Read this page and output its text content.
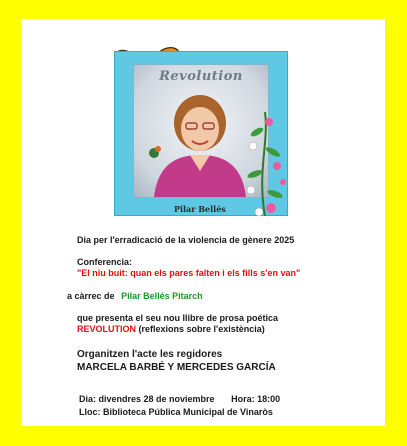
Revolution
Pilar Bellés
Dia per l'erradicació de la violencia de gènere 2025
Conferencia:
"El niu buit: quan els pares falten i els fills s'en van"
a càrrec de Pilar Bellés Pitarch
que presenta el seu nou llibre de prosa poética
REVOLUTION (reflexions sobre l'existència)
Organitzen l'acte les regidores
MARCELA BARBÉ Y MERCEDES GARCÍA
Dia: divendres 28 de noviembre Hora: 18:00
Lloc: Biblioteca Pública Municipal de Vinaròs
